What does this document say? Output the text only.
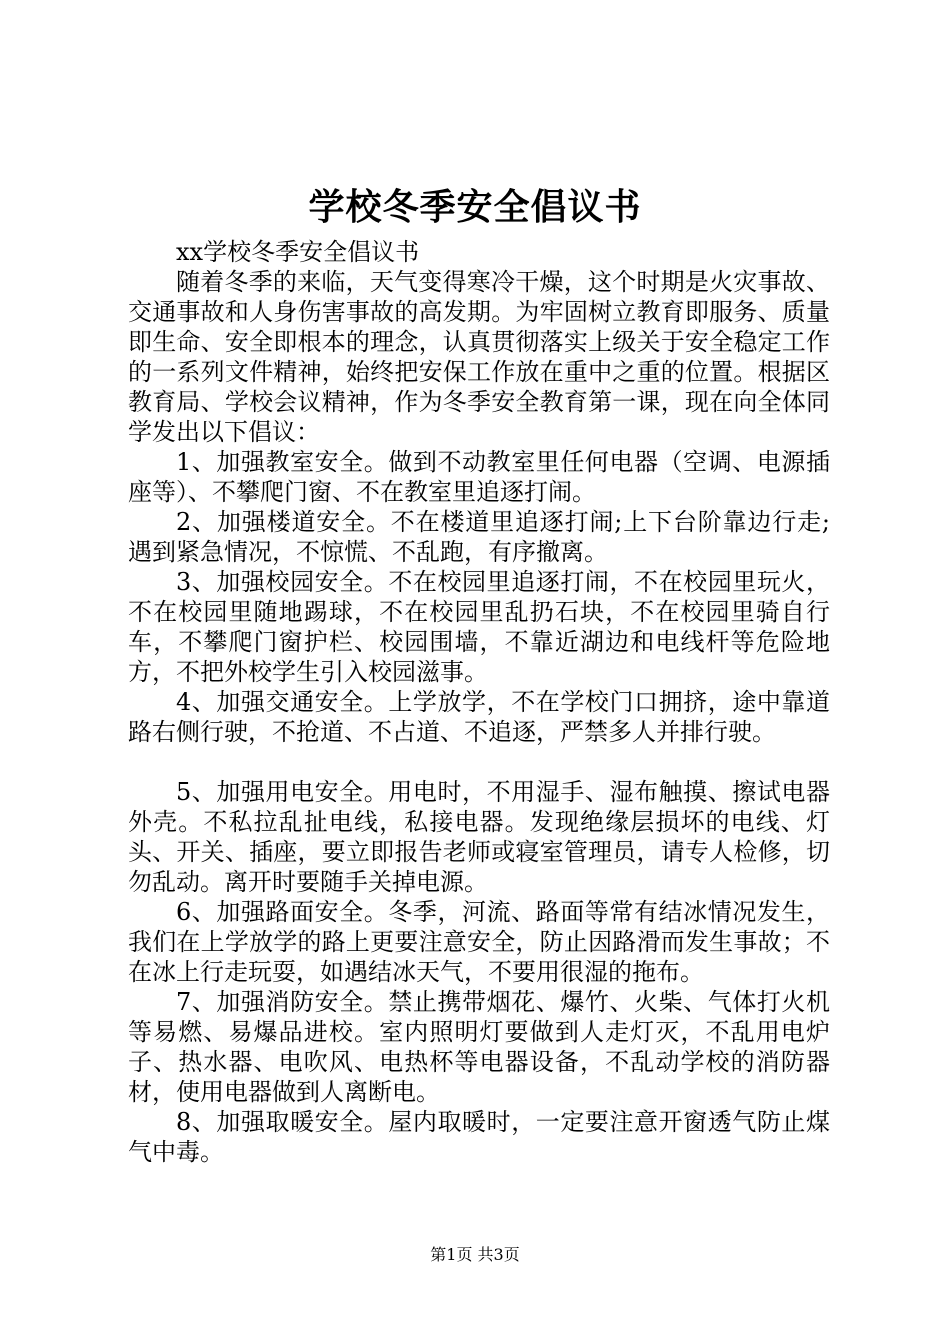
学校冬季安全倡议书

xx学校冬季安全倡议书

随着冬季的来临，天气变得寒冷干燥，这个时期是火灾事故、交通事故和人身伤害事故的高发期。为牢固树立教育即服务、质量即生命、安全即根本的理念，认真贯彻落实上级关于安全稳定工作的一系列文件精神，始终把安保工作放在重中之重的位置。根据区教育局、学校会议精神，作为冬季安全教育第一课，现在向全体同学发出以下倡议：

1、加强教室安全。做到不动教室里任何电器（空调、电源插座等）、不攀爬门窗、不在教室里追逐打闹。

2、加强楼道安全。不在楼道里追逐打闹;上下台阶靠边行走;遇到紧急情况，不惊慌、不乱跑，有序撤离。

3、加强校园安全。不在校园里追逐打闹，不在校园里玩火，不在校园里随地踢球，不在校园里乱扔石块，不在校园里骑自行车，不攀爬门窗护栏、校园围墙，不靠近湖边和电线杆等危险地方，不把外校学生引入校园滋事。

4、加强交通安全。上学放学，不在学校门口拥挤，途中靠道路右侧行驶，不抢道、不占道、不追逐，严禁多人并排行驶。

5、加强用电安全。用电时，不用湿手、湿布触摸、擦试电器外壳。不私拉乱扯电线，私接电器。发现绝缘层损坏的电线、灯头、开关、插座，要立即报告老师或寝室管理员，请专人检修，切勿乱动。离开时要随手关掉电源。

6、加强路面安全。冬季，河流、路面等常有结冰情况发生，我们在上学放学的路上更要注意安全，防止因路滑而发生事故；不在冰上行走玩耍，如遇结冰天气，不要用很湿的拖布。

7、加强消防安全。禁止携带烟花、爆竹、火柴、气体打火机等易燃、易爆品进校。室内照明灯要做到人走灯灭，不乱用电炉子、热水器、电吹风、电热杯等电器设备，不乱动学校的消防器材，使用电器做到人离断电。

8、加强取暖安全。屋内取暖时，一定要注意开窗透气防止煤气中毒。

第1页 共3页
